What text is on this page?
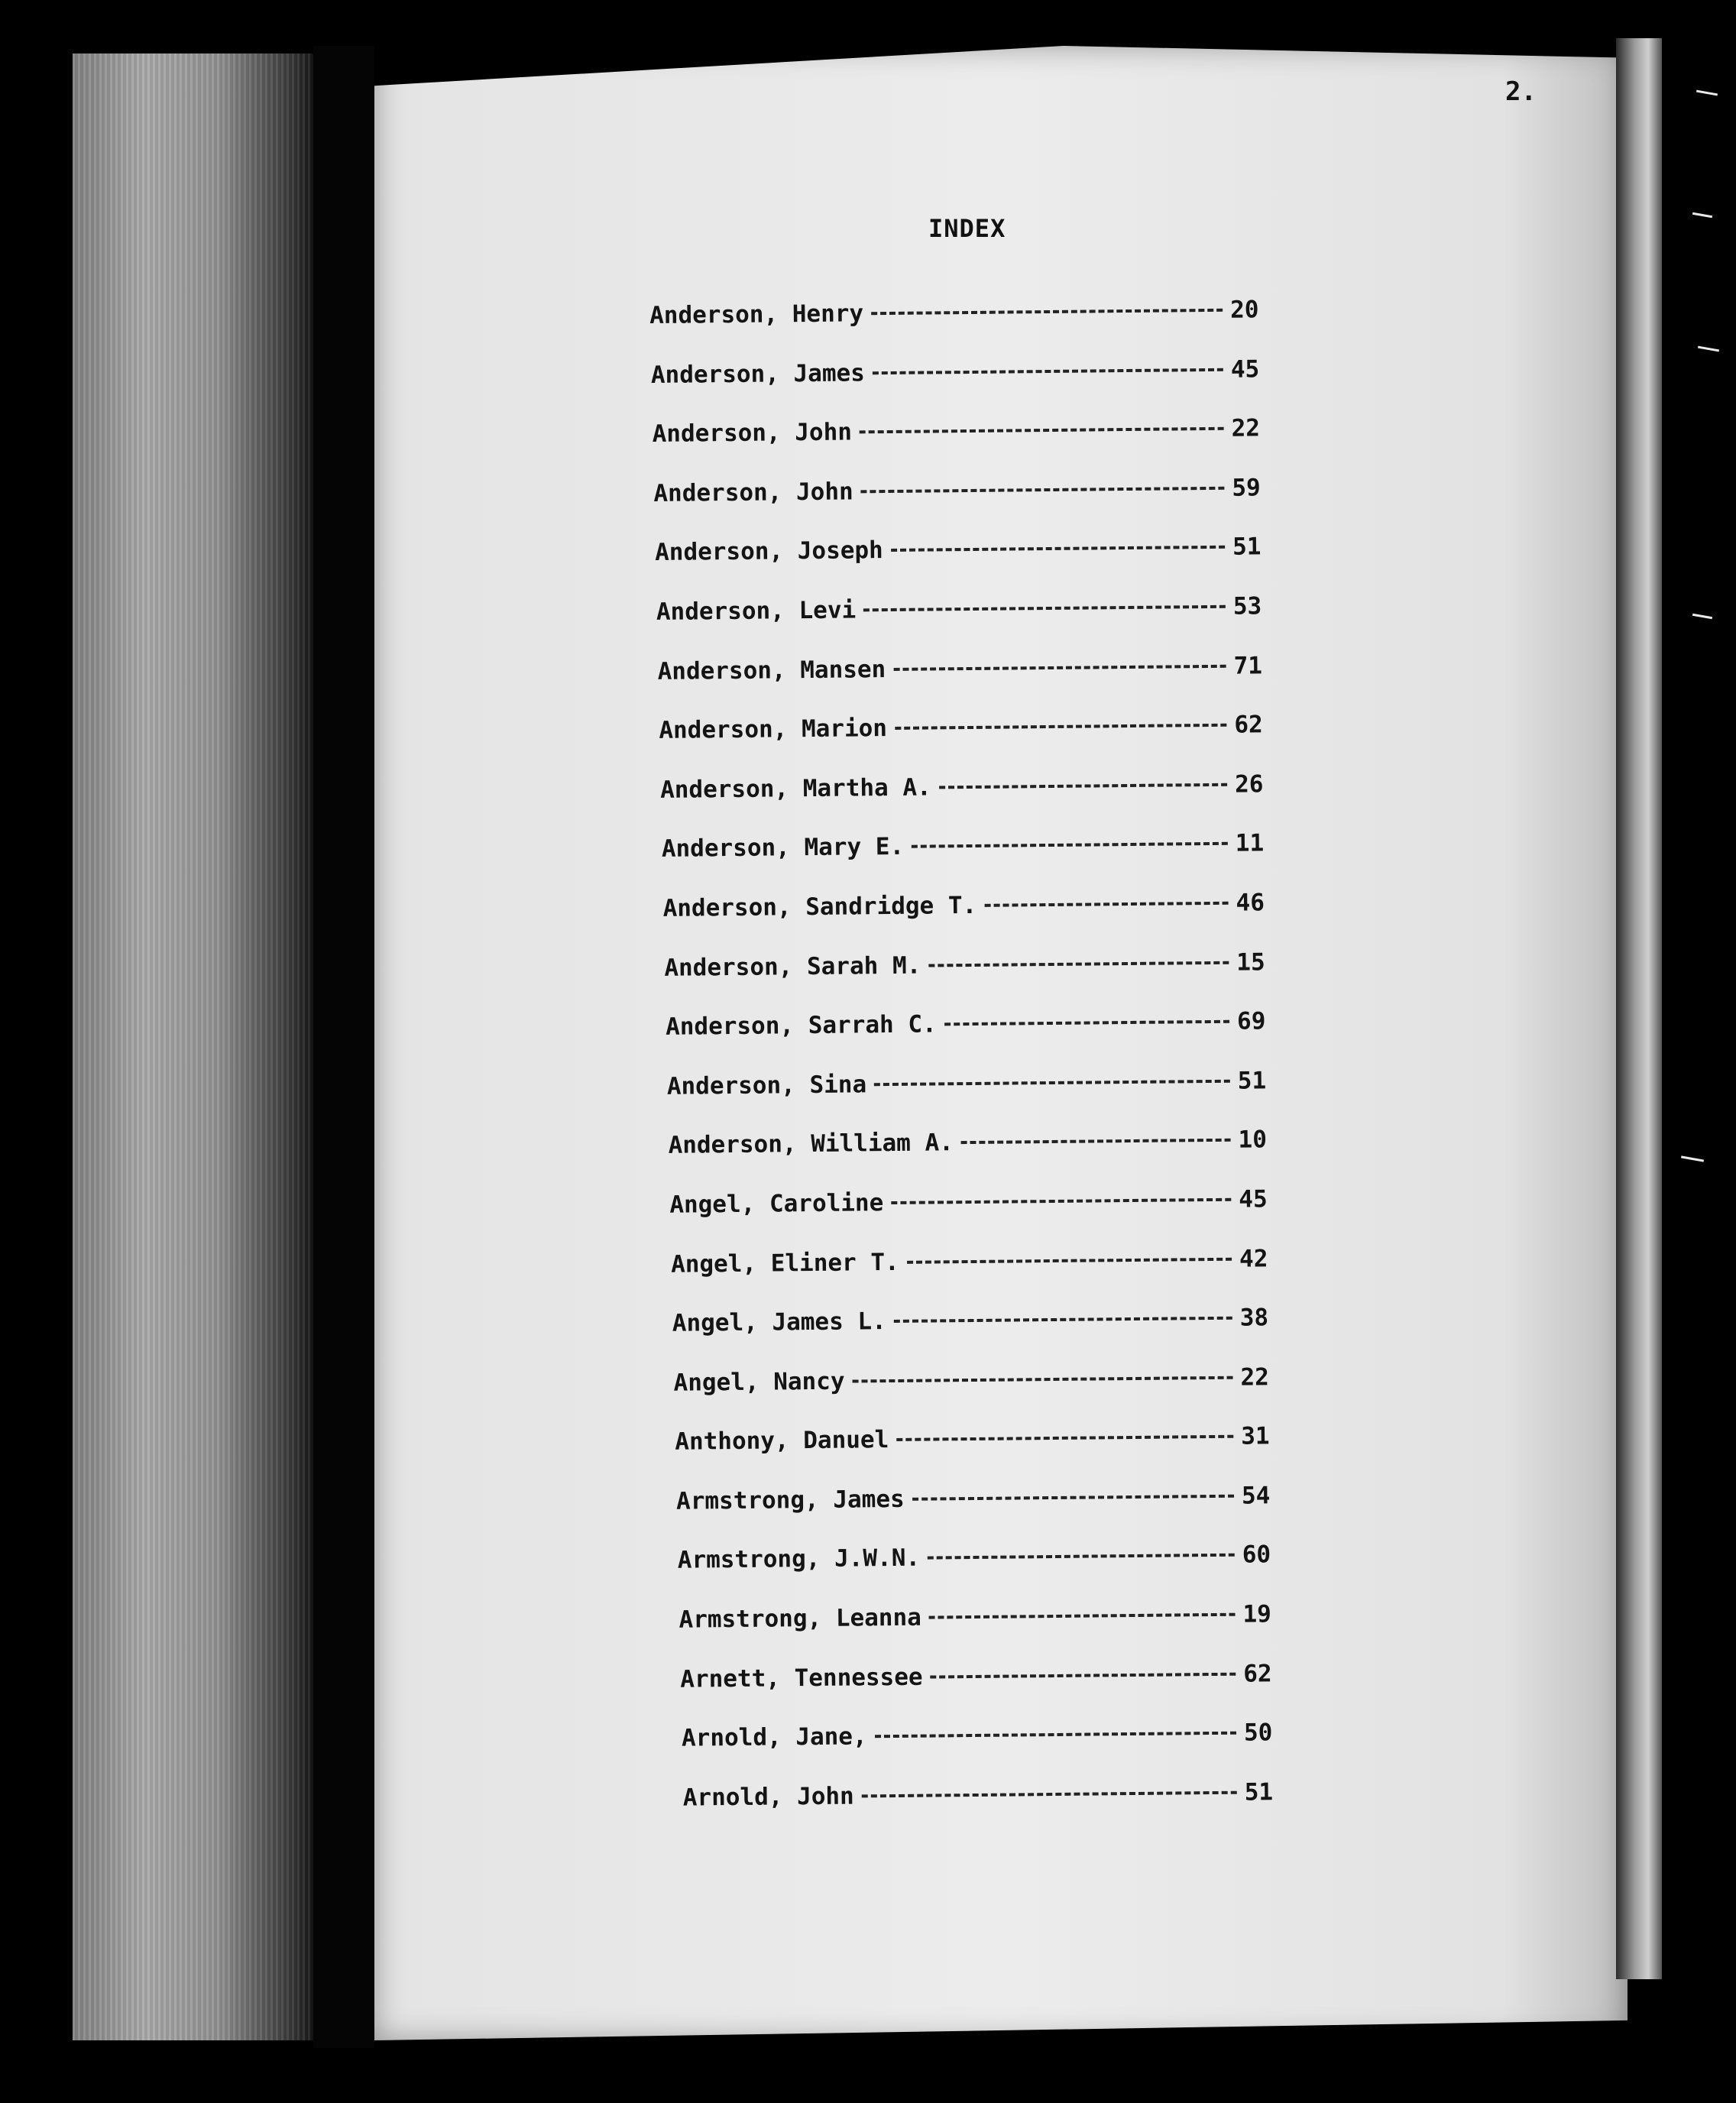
2.
INDEX
Anderson, Henry	20
Anderson, James	45
Anderson, John	22
Anderson, John	59
Anderson, Joseph	51
Anderson, Levi	53
Anderson, Mansen	71
Anderson, Marion	62
Anderson, Martha A.	26
Anderson, Mary E.	11
Anderson, Sandridge T.	46
Anderson, Sarah M.	15
Anderson, Sarrah C.	69
Anderson, Sina	51
Anderson, William A.	10
Angel, Caroline	45
Angel, Eliner T.	42
Angel, James L.	38
Angel, Nancy	22
Anthony, Danuel	31
Armstrong, James	54
Armstrong, J.W.N.	60
Armstrong, Leanna	19
Arnett, Tennessee	62
Arnold, Jane,	50
Arnold, John	51
